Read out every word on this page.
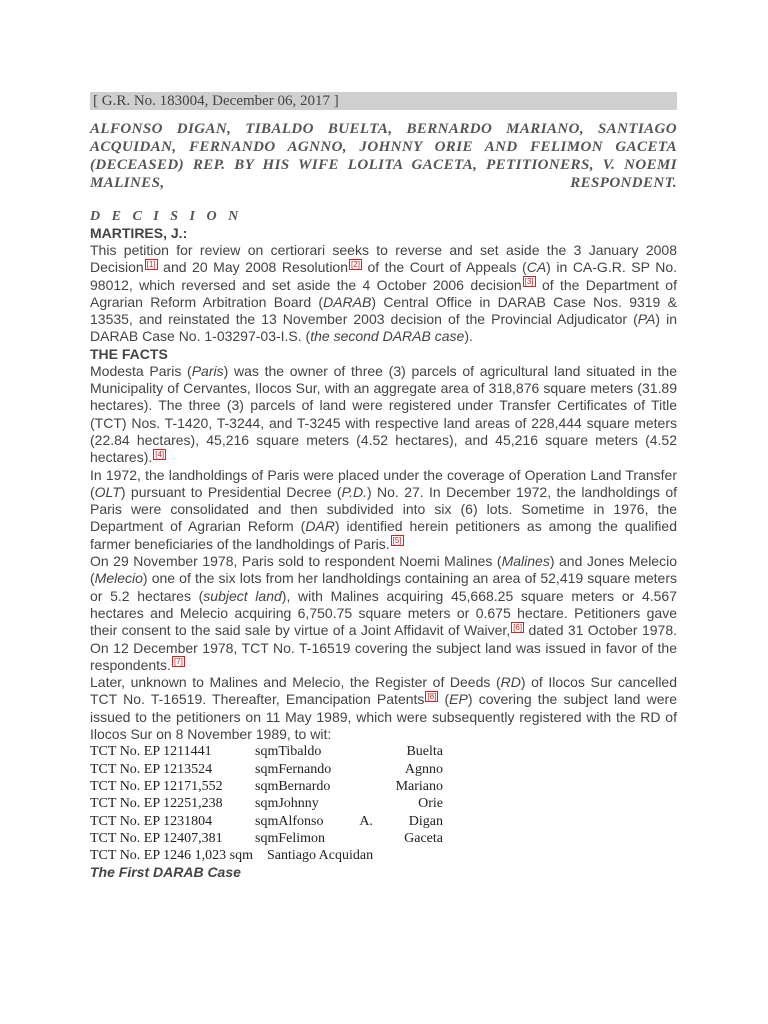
[ G.R. No. 183004, December 06, 2017 ]
ALFONSO DIGAN, TIBALDO BUELTA, BERNARDO MARIANO, SANTIAGO ACQUIDAN, FERNANDO AGNNO, JOHNNY ORIE AND FELIMON GACETA (DECEASED) REP. BY HIS WIFE LOLITA GACETA, PETITIONERS, V. NOEMI MALINES, RESPONDENT.
D E C I S I O N
MARTIRES, J.:

This petition for review on certiorari seeks to reverse and set aside the 3 January 2008 Decision [1] and 20 May 2008 Resolution [2] of the Court of Appeals (CA) in CA-G.R. SP No. 98012, which reversed and set aside the 4 October 2006 decision [3] of the Department of Agrarian Reform Arbitration Board (DARAB) Central Office in DARAB Case Nos. 9319 & 13535, and reinstated the 13 November 2003 decision of the Provincial Adjudicator (PA) in DARAB Case No. 1-03297-03-I.S. (the second DARAB case).

THE FACTS

Modesta Paris (Paris) was the owner of three (3) parcels of agricultural land situated in the Municipality of Cervantes, Ilocos Sur, with an aggregate area of 318,876 square meters (31.89 hectares). The three (3) parcels of land were registered under Transfer Certificates of Title (TCT) Nos. T-1420, T-3244, and T-3245 with respective land areas of 228,444 square meters (22.84 hectares), 45,216 square meters (4.52 hectares), and 45,216 square meters (4.52 hectares). [4]

In 1972, the landholdings of Paris were placed under the coverage of Operation Land Transfer (OLT) pursuant to Presidential Decree (P.D.) No. 27. In December 1972, the landholdings of Paris were consolidated and then subdivided into six (6) lots. Sometime in 1976, the Department of Agrarian Reform (DAR) identified herein petitioners as among the qualified farmer beneficiaries of the landholdings of Paris. [5]

On 29 November 1978, Paris sold to respondent Noemi Malines (Malines) and Jones Melecio (Melecio) one of the six lots from her landholdings containing an area of 52,419 square meters or 5.2 hectares (subject land), with Malines acquiring 45,668.25 square meters or 4.567 hectares and Melecio acquiring 6,750.75 square meters or 0.675 hectare. Petitioners gave their consent to the said sale by virtue of a Joint Affidavit of Waiver, [6] dated 31 October 1978. On 12 December 1978, TCT No. T-16519 covering the subject land was issued in favor of the respondents. [7]

Later, unknown to Malines and Melecio, the Register of Deeds (RD) of Ilocos Sur cancelled TCT No. T-16519. Thereafter, Emancipation Patents [8] (EP) covering the subject land were issued to the petitioners on 11 May 1989, which were subsequently registered with the RD of Ilocos Sur on 8 November 1989, to wit:

TCT No. EP 1211441	sqmTibaldo	Buelta
TCT No. EP 1213524	sqmFernando	Agnno
TCT No. EP 12171,552	sqmBernardo	Mariano
TCT No. EP 12251,238	sqmJohnny	Orie
TCT No. EP 1231804	sqmAlfonso	A.	Digan
TCT No. EP 12407,381	sqmFelimon	Gaceta
TCT No. EP 1246 1,023 sqm    Santiago Acquidan
The First DARAB Case
